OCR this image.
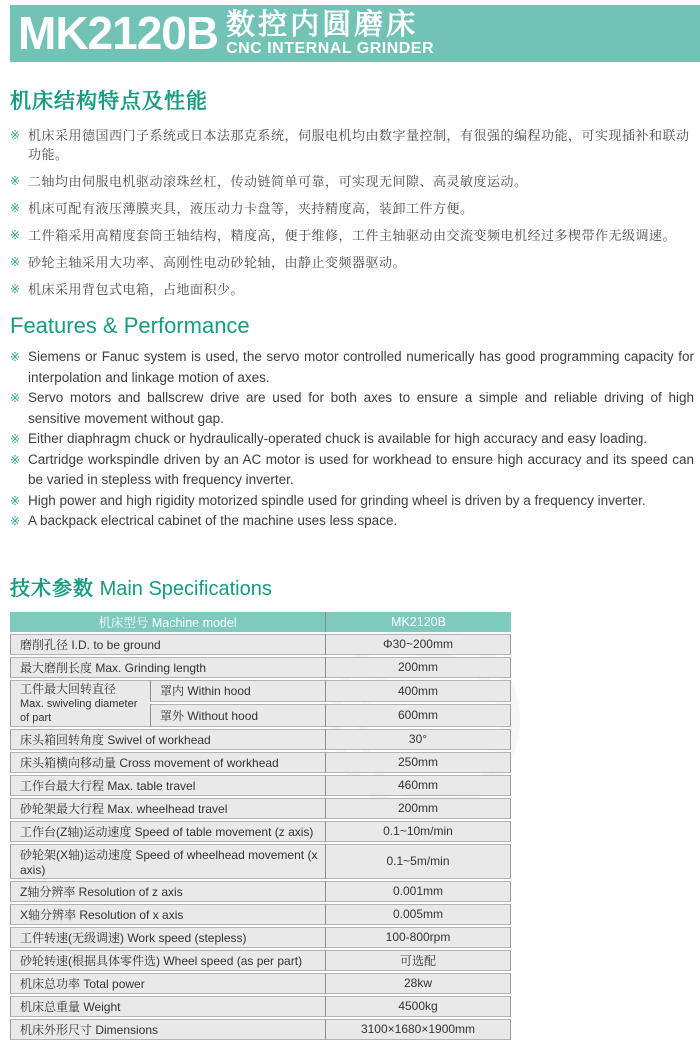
MK2120B 数控内圆磨床
CNC INTERNAL GRINDER
机床结构特点及性能

※ 机床采用德国西门子系统或日本法那克系统，伺服电机均由数字量控制，有很强的编程功能，可实现插补和联动功能。

※ 二轴均由伺服电机驱动滚珠丝杠，传动链简单可靠，可实现无间隙、高灵敏度运动。

※ 机床可配有液压薄膜夹具，液压动力卡盘等，夹持精度高，装卸工件方便。

※ 工件箱采用高精度套筒王轴结构，精度高，便于维修，工件主轴驱动由交流变频电机经过多楔带作无级调速。

※ 砂轮主轴采用大功率、高刚性电动砂轮轴，由静止变频器驱动。

※ 机床采用背包式电箱，占地面积少。

Features & Performance

※ Siemens or Fanuc system is used, the servo motor controlled numerically has good programming capacity for interpolation and linkage motion of axes.

※ Servo motors and ballscrew drive are used for both axes to ensure a simple and reliable driving of high sensitive movement without gap.

※ Either diaphragm chuck or hydraulically-operated chuck is available for high accuracy and easy loading.

※ Cartridge workspindle driven by an AC motor is used for workhead to ensure high accuracy and its speed can be varied in stepless with frequency inverter.

※ High power and high rigidity motorized spindle used for grinding wheel is driven by a frequency inverter.

※ A backpack electrical cabinet of the machine uses less space.

技术参数 Main Specifications
机床型号 Machine model		MK2120B
磨削孔径 I.D. to be ground		Φ30~200mm
最大磨削长度 Max. Grinding length		200mm

工件最大回转直径
Max. swiveling diameter of part	罩内 Within hood	400mm
	罩外 Without hood	600mm
床头箱回转角度 Swivel of workhead		30°
床头箱横向移动量 Cross movement of workhead		250mm
工作台最大行程 Max. table travel		460mm
砂轮架最大行程 Max. wheelhead travel		200mm
工作台(Z轴)运动速度 Speed of table movement (z axis)		0.1~10m/min
砂轮架(X轴)运动速度 Speed of wheelhead movement (x axis)		0.1~5m/min
Z轴分辨率 Resolution of z axis		0.001mm
X轴分辨率 Resolution of x axis		0.005mm
工件转速(无级调速) Work speed (stepless)		100-800rpm
砂轮转速(根据具体零件选) Wheel speed (as per part)		可选配
机床总功率 Total power		28kw
机床总重量 Weight		4500kg
机床外形尺寸 Dimensions		3100×1680×1900mm
